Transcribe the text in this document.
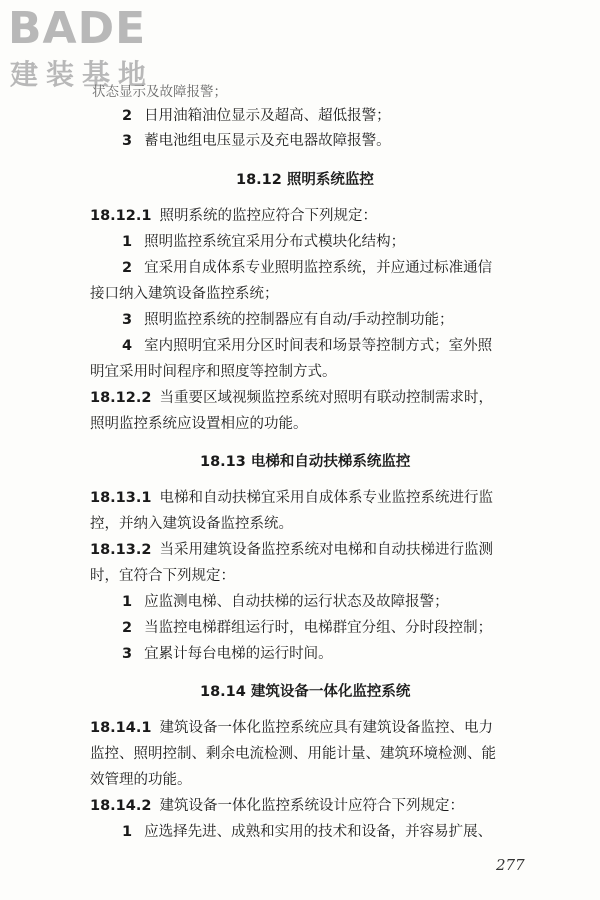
BADE
建装基地
状态显示及故障报警；
2 日用油箱油位显示及超高、超低报警；
3 蓄电池组电压显示及充电器故障报警。
18.12 照明系统监控
18.12.1 照明系统的监控应符合下列规定：
1 照明监控系统宜采用分布式模块化结构；
2 宜采用自成体系专业照明监控系统，并应通过标准通信
接口纳入建筑设备监控系统；
3 照明监控系统的控制器应有自动/手动控制功能；
4 室内照明宜采用分区时间表和场景等控制方式；室外照
明宜采用时间程序和照度等控制方式。
18.12.2 当重要区域视频监控系统对照明有联动控制需求时，
照明监控系统应设置相应的功能。
18.13 电梯和自动扶梯系统监控
18.13.1 电梯和自动扶梯宜采用自成体系专业监控系统进行监
控，并纳入建筑设备监控系统。
18.13.2 当采用建筑设备监控系统对电梯和自动扶梯进行监测
时，宜符合下列规定：
1 应监测电梯、自动扶梯的运行状态及故障报警；
2 当监控电梯群组运行时，电梯群宜分组、分时段控制；
3 宜累计每台电梯的运行时间。
18.14 建筑设备一体化监控系统
18.14.1 建筑设备一体化监控系统应具有建筑设备监控、电力
监控、照明控制、剩余电流检测、用能计量、建筑环境检测、能
效管理的功能。
18.14.2 建筑设备一体化监控系统设计应符合下列规定：
1 应选择先进、成熟和实用的技术和设备，并容易扩展、
277
